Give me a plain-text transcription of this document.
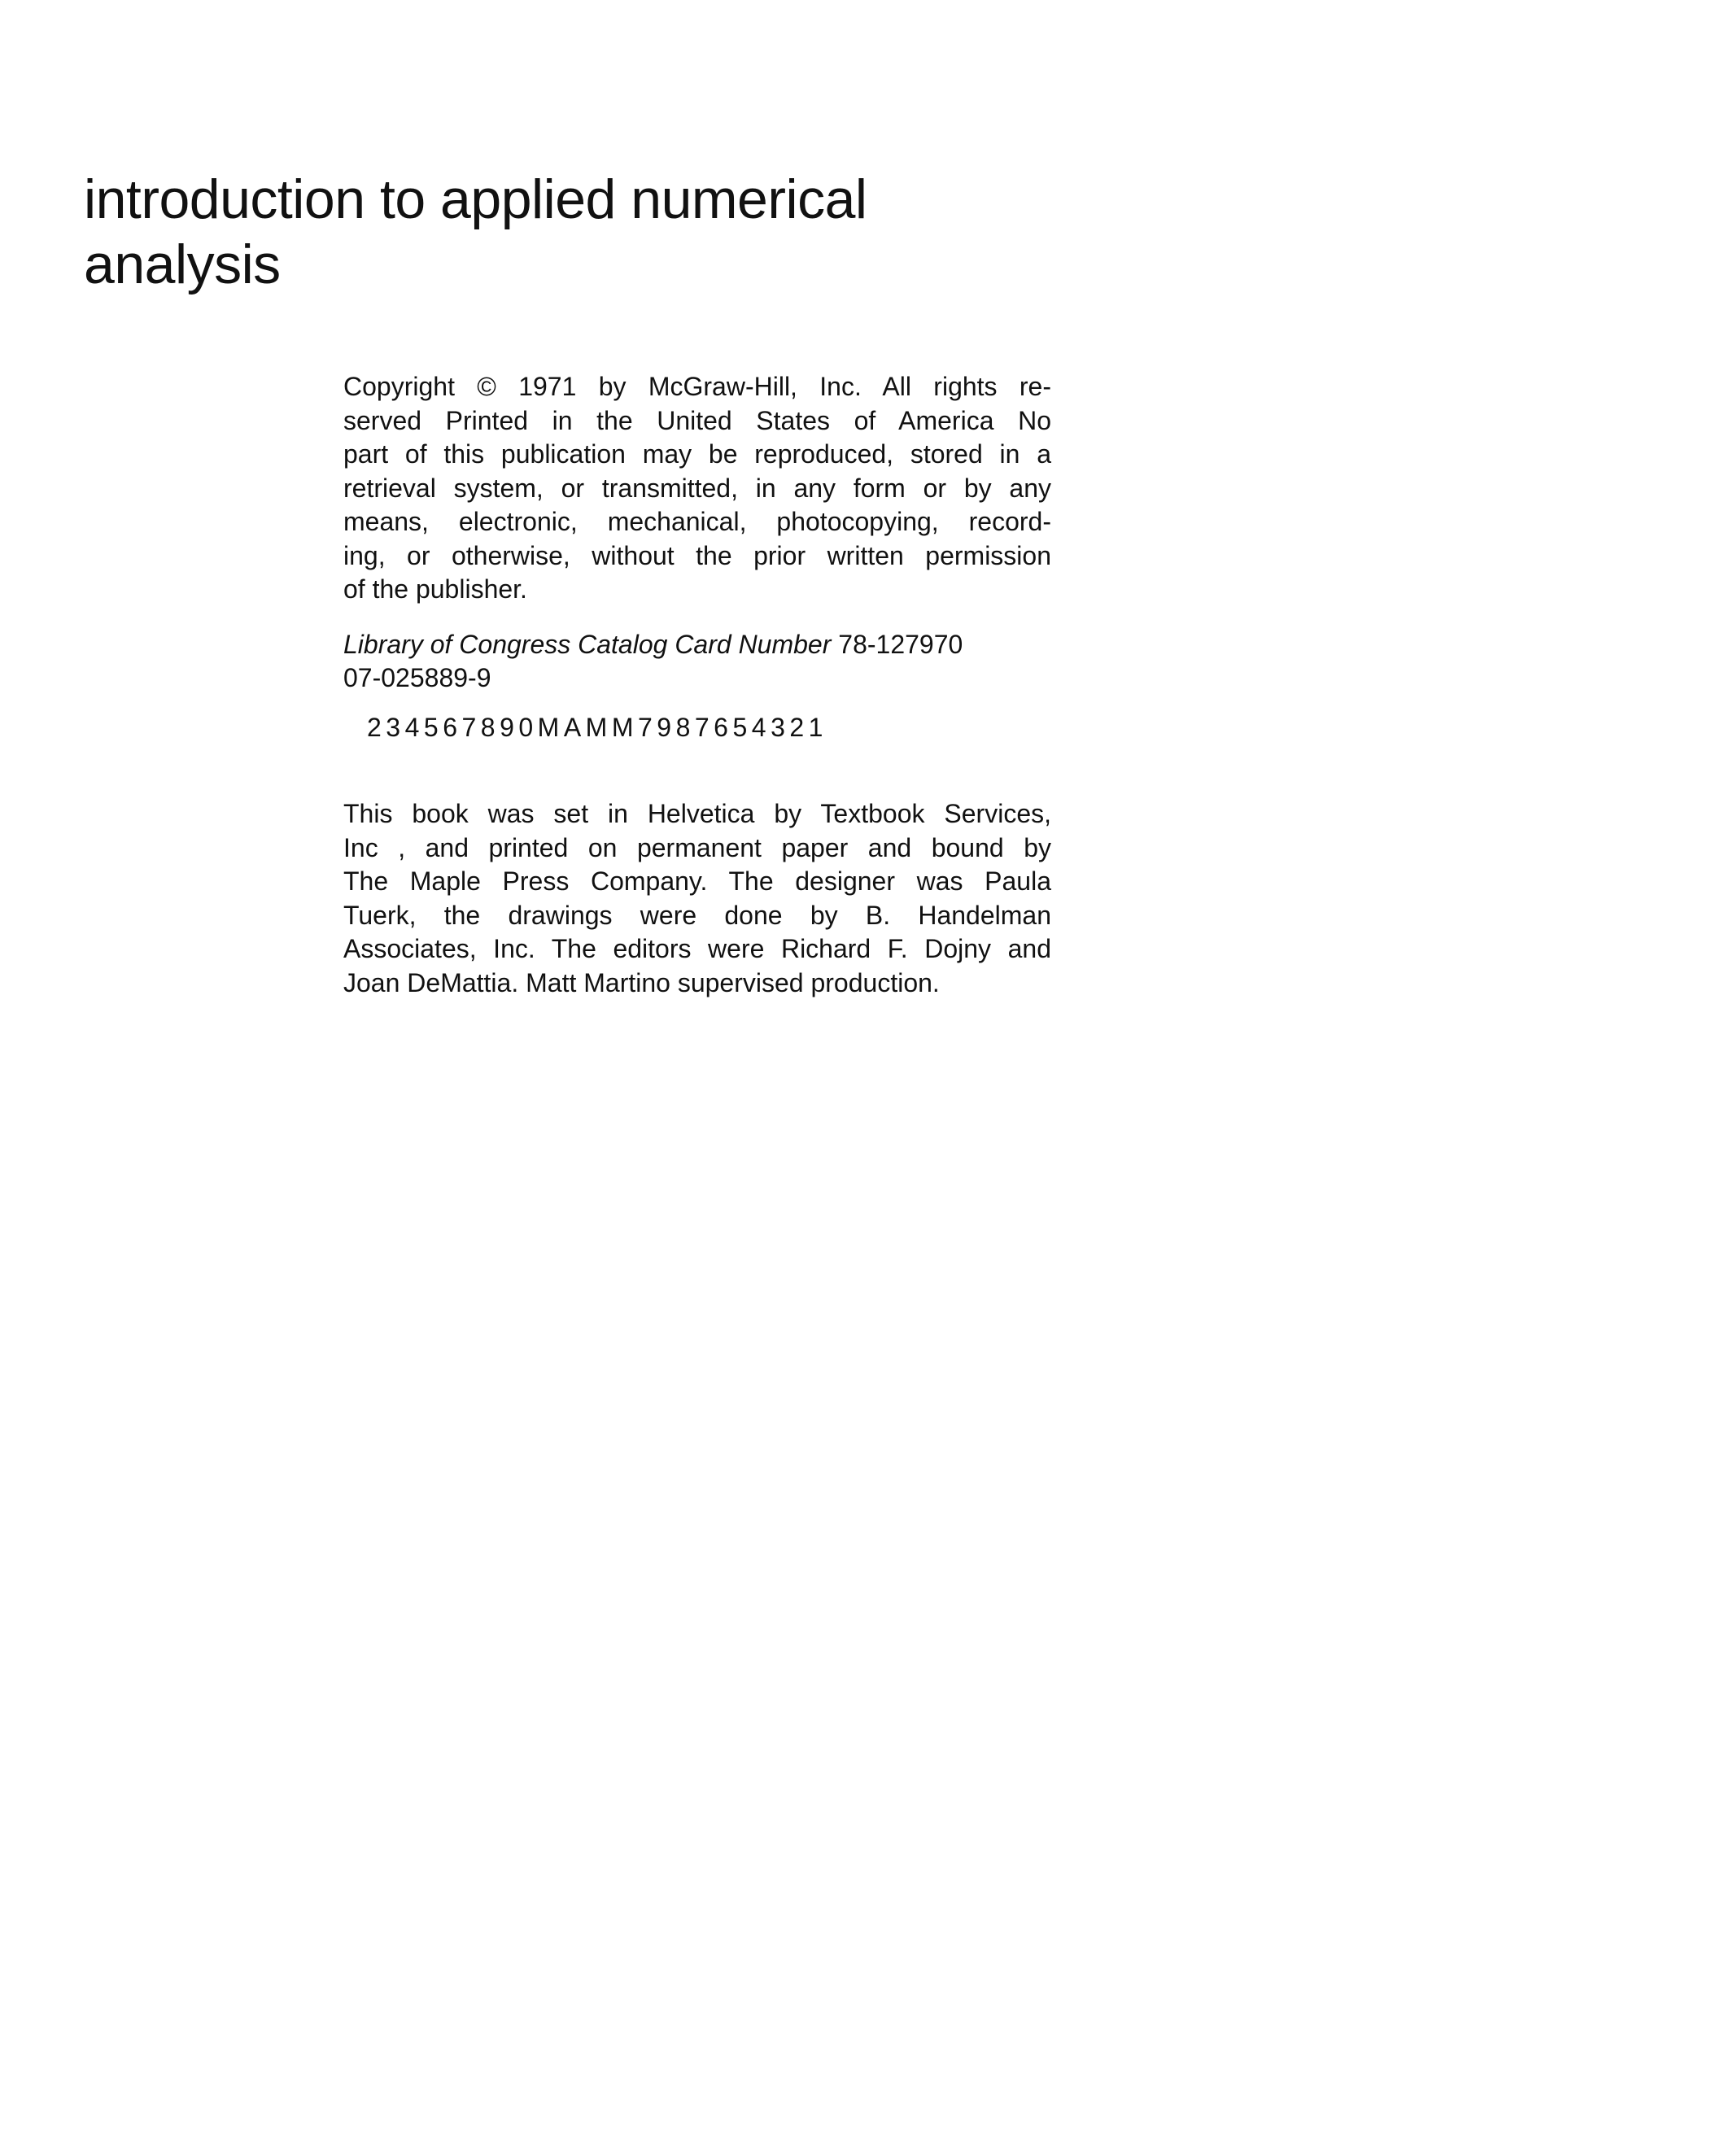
introduction to applied numerical
analysis
Copyright © 1971 by McGraw-Hill, Inc. All rights re-
served Printed in the United States of America No
part of this publication may be reproduced, stored in a
retrieval system, or transmitted, in any form or by any
means, electronic, mechanical, photocopying, record-
ing, or otherwise, without the prior written permission
of the publisher.
Library of Congress Catalog Card Number 78-127970
07-025889-9
234567890MAMM7987654321
This book was set in Helvetica by Textbook Services,
Inc , and printed on permanent paper and bound by
The Maple Press Company. The designer was Paula
Tuerk, the drawings were done by B. Handelman
Associates, Inc. The editors were Richard F. Dojny and
Joan DeMattia. Matt Martino supervised production.
